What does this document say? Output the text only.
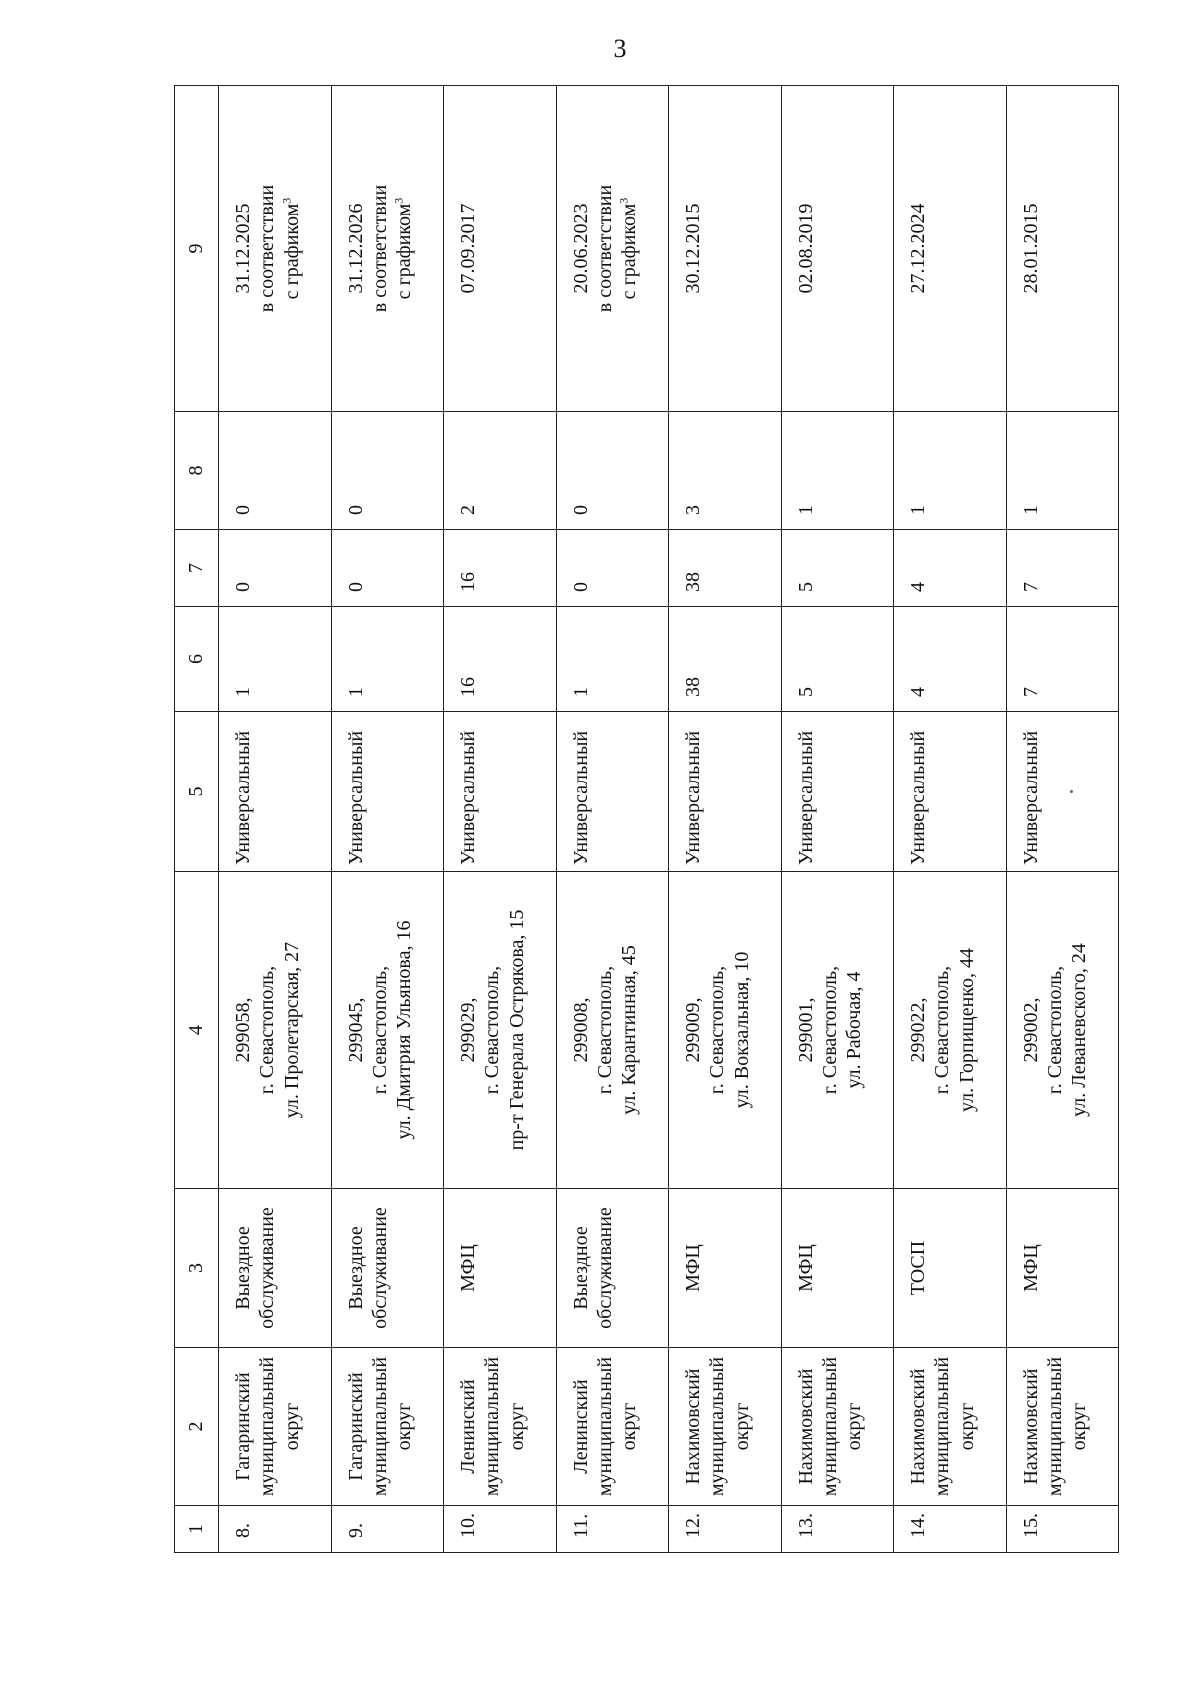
3
1	2	3	4	5	6	7	8	9
8.	Гагаринский муниципальный округ	Выездное обслуживание	299058, г. Севастополь, ул. Пролетарская, 27	Универсальный	1	0	0	31.12.2025 в соответствии с графиком$^3$

9.	Гагаринский муниципальный округ	Выездное обслуживание	299045, г. Севастополь, ул. Дмитрия Ульянова, 16	Универсальный	1	0	0	31.12.2026 в соответствии с графиком$^3$

10.	Ленинский муниципальный округ	МФЦ	299029, г. Севастополь, пр-т Генерала Острякова, 15	Универсальный	16	16	2	07.09.2017

11.	Ленинский муниципальный округ	Выездное обслуживание	299008, г. Севастополь, ул. Карантинная, 45	Универсальный	1	0	0	20.06.2023 в соответствии с графиком$^3$

12.	Нахимовский муниципальный округ	МФЦ	299009, г. Севастополь, ул. Вокзальная, 10	Универсальный	38	38	3	30.12.2015

13.	Нахимовский муниципальный округ	МФЦ	299001, г. Севастополь, ул. Рабочая, 4	Универсальный	5	5	1	02.08.2019

14.	Нахимовский муниципальный округ	ТОСП	299022, г. Севастополь, ул. Горпищенко, 44	Универсальный	4	4	1	27.12.2024

15.	Нахимовский муниципальный округ	МФЦ	299002, г. Севастополь, ул. Леваневского, 24	Универсальный	7	7	1	28.01.2015
